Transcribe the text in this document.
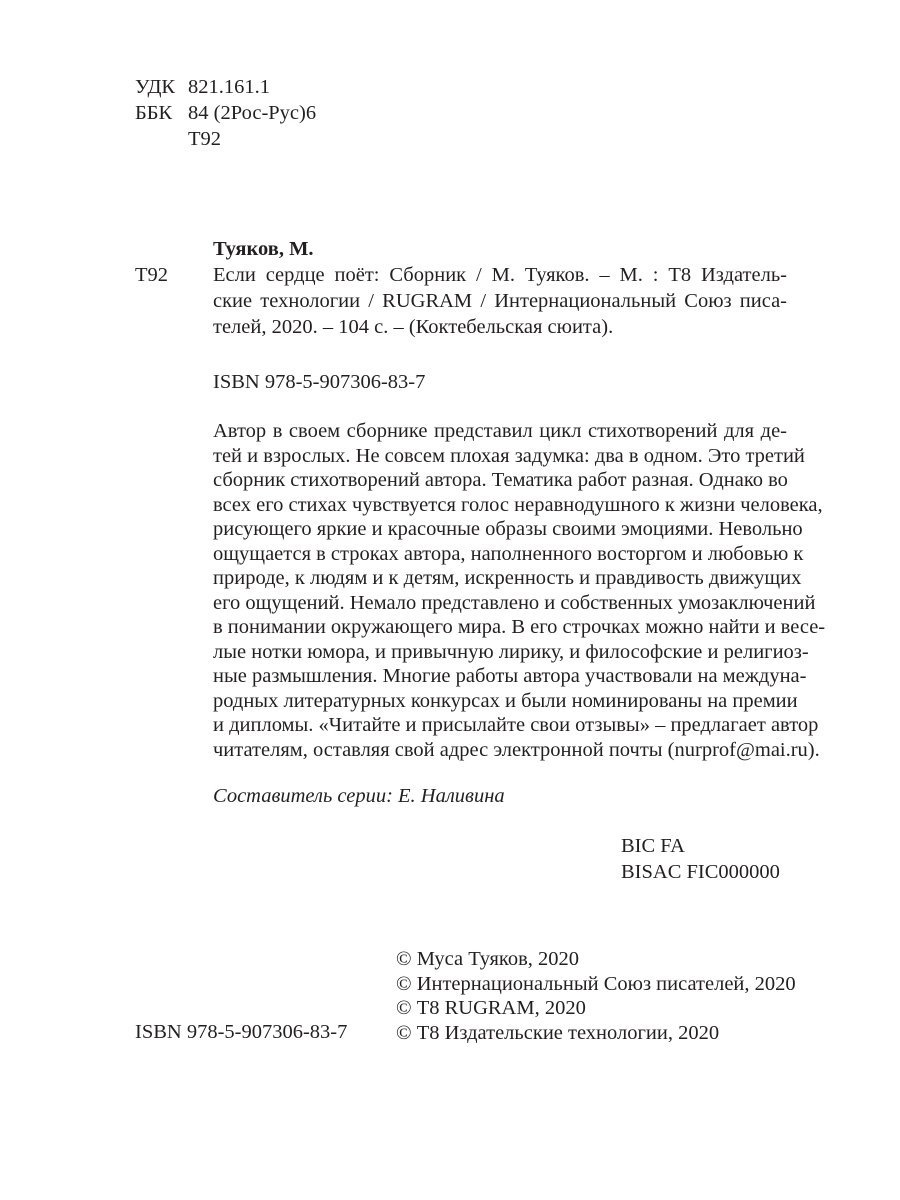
УДК 821.161.1
ББК 84 (2Рос-Рус)6
Т92
Туяков, М.
Т92 Если сердце поёт: Сборник / М. Туяков. – М. : Т8 Издатель-
ские технологии / RUGRAM / Интернациональный Союз писа-
телей, 2020. – 104 с. – (Коктебельская сюита).
ISBN 978-5-907306-83-7
Автор в своем сборнике представил цикл стихотворений для де-
тей и взрослых. Не совсем плохая задумка: два в одном. Это третий
сборник стихотворений автора. Тематика работ разная. Однако во
всех его стихах чувствуется голос неравнодушного к жизни человека,
рисующего яркие и красочные образы своими эмоциями. Невольно
ощущается в строках автора, наполненного восторгом и любовью к
природе, к людям и к детям, искренность и правдивость движущих
его ощущений. Немало представлено и собственных умозаключений
в понимании окружающего мира. В его строчках можно найти и весе-
лые нотки юмора, и привычную лирику, и философские и религиоз-
ные размышления. Многие работы автора участвовали на междуна-
родных литературных конкурсах и были номинированы на премии
и дипломы. «Читайте и присылайте свои отзывы» – предлагает автор
читателям, оставляя свой адрес электронной почты (nurprof@mai.ru).
Составитель серии: Е. Наливина
BIC FA
BISAC FIC000000
© Муса Туяков, 2020
© Интернациональный Союз писателей, 2020
© Т8 RUGRAM, 2020
© Т8 Издательские технологии, 2020
ISBN 978-5-907306-83-7
